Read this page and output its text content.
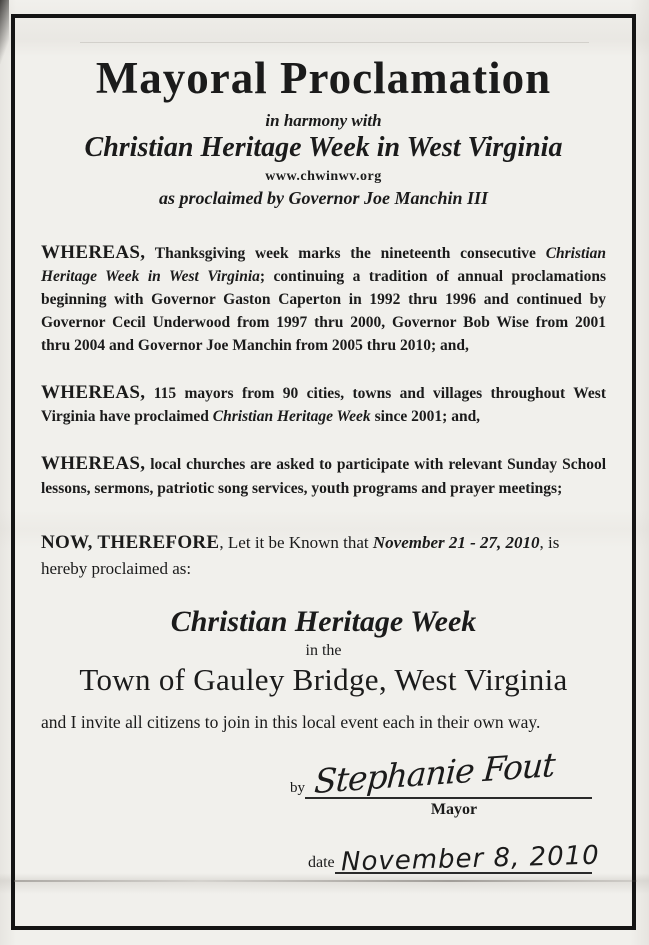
Mayoral Proclamation
in harmony with
Christian Heritage Week in West Virginia
www.chwinwv.org
as proclaimed by Governor Joe Manchin III

WHEREAS, Thanksgiving week marks the nineteenth consecutive Christian Heritage Week in West Virginia; continuing a tradition of annual proclamations beginning with Governor Gaston Caperton in 1992 thru 1996 and continued by Governor Cecil Underwood from 1997 thru 2000, Governor Bob Wise from 2001 thru 2004 and Governor Joe Manchin from 2005 thru 2010; and,

WHEREAS, 115 mayors from 90 cities, towns and villages throughout West Virginia have proclaimed Christian Heritage Week since 2001; and,

WHEREAS, local churches are asked to participate with relevant Sunday School lessons, sermons, patriotic song services, youth programs and prayer meetings;

NOW, THEREFORE, Let it be Known that November 21 - 27, 2010, is hereby proclaimed as:

Christian Heritage Week
in the
Town of Gauley Bridge, West Virginia
and I invite all citizens to join in this local event each in their own way.
by Stephanie Fout
Mayor
date November 8, 2010
